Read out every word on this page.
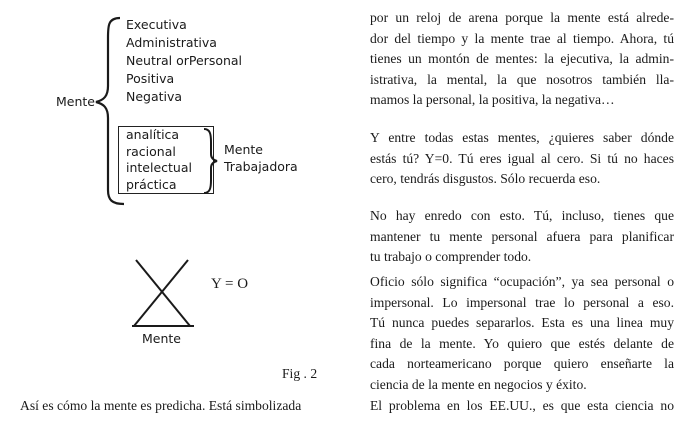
Mente
Executiva
Administrativa
Neutral orPersonal
Positiva
Negativa
analítica
racional
intelectual
práctica
Mente
Trabajadora
Y = O
Mente
Fig . 2
Así es cómo la mente es predicha. Está simbolizada
por un reloj de arena porque la mente está alrede-
dor del tiempo y la mente trae al tiempo. Ahora, tú
tienes un montón de mentes: la ejecutiva, la admin-
istrativa, la mental, la que nosotros también lla-
mamos la personal, la positiva, la negativa…
Y entre todas estas mentes, ¿quieres saber dónde
estás tú? Y=0. Tú eres igual al cero. Si tú no haces
cero, tendrás disgustos. Sólo recuerda eso.
No hay enredo con esto. Tú, incluso, tienes que
mantener tu mente personal afuera para planificar
tu trabajo o comprender todo.
Oficio sólo significa “ocupación”, ya sea personal o
impersonal. Lo impersonal trae lo personal a eso.
Tú nunca puedes separarlos. Esta es una linea muy
fina de la mente. Yo quiero que estés delante de
cada norteamericano porque quiero enseñarte la
ciencia de la mente en negocios y éxito.
El problema en los EE.UU., es que esta ciencia no
